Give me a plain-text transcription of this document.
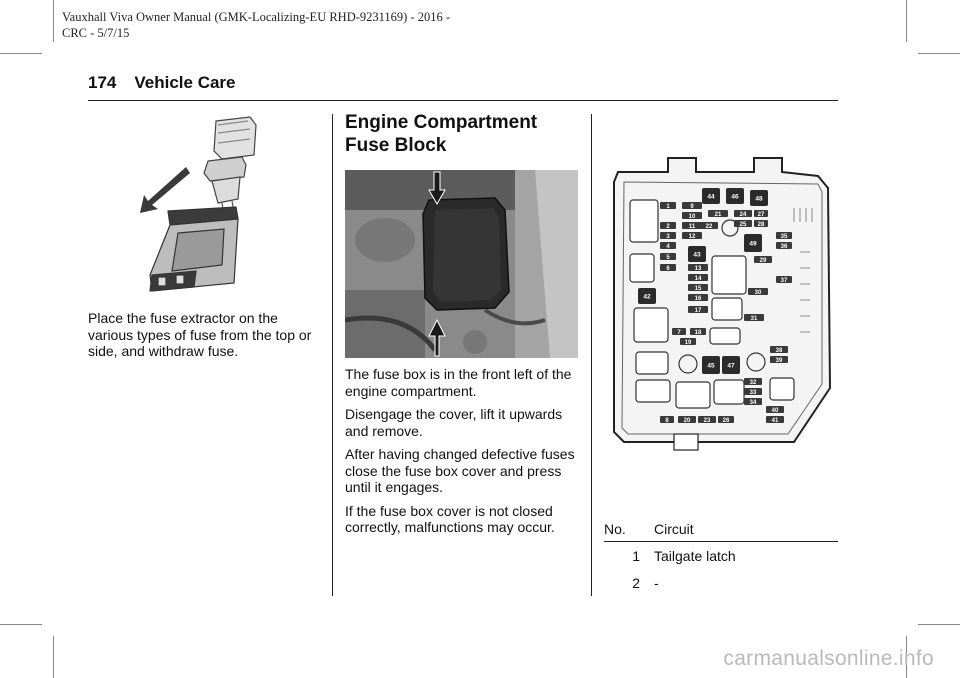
Vauxhall Viva Owner Manual (GMK-Localizing-EU RHD-9231169) - 2016 -
CRC - 5/7/15
174 Vehicle Care
Place the fuse extractor on the various types of fuse from the top or side, and withdraw fuse.
Engine Compartment
Fuse Block

The fuse box is in the front left of the engine compartment.

Disengage the cover, lift it upwards and remove.

After having changed defective fuses close the fuse box cover and press until it engages.

If the fuse box cover is not closed correctly, malfunctions may occur.

1
2
3
4
5
6
7
8
9
10
11
12
13
14
15
16
17
18
19
20
21
22
23
24
25
26
27
28
29
30
31
32
33
34
35
36
37
38
39
40
41
42
43
44
45
46
47
48
49
No.	Circuit
1	Tailgate latch
2	-
carmanualsonline.info
